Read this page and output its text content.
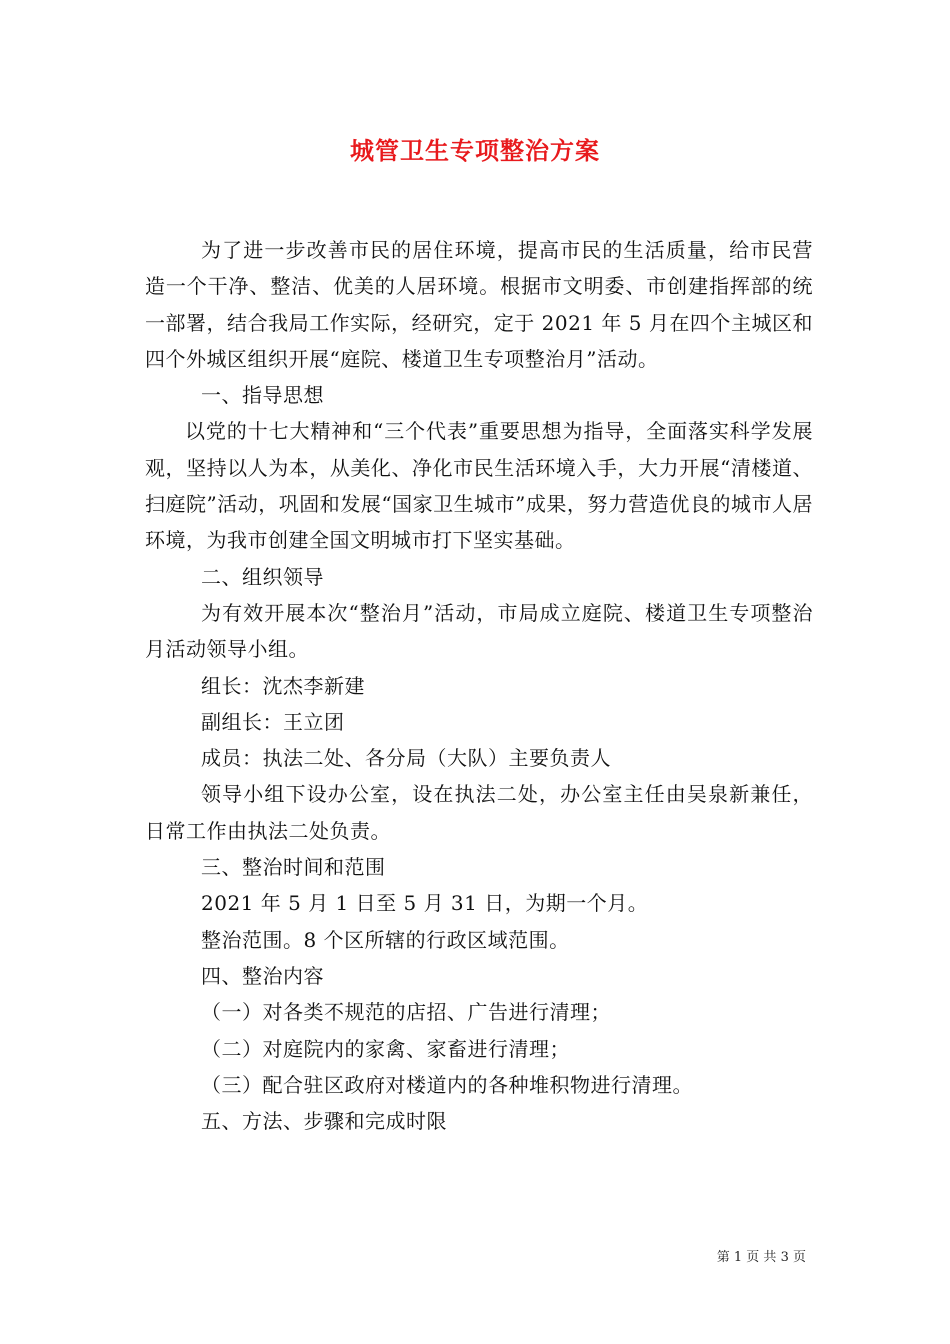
城管卫生专项整治方案

为了进一步改善市民的居住环境，提高市民的生活质量，给市民营造一个干净、整洁、优美的人居环境。根据市文明委、市创建指挥部的统一部署，结合我局工作实际，经研究，定于 2021 年 5 月在四个主城区和四个外城区组织开展“庭院、楼道卫生专项整治月”活动。

一、指导思想

以党的十七大精神和“三个代表”重要思想为指导，全面落实科学发展观，坚持以人为本，从美化、净化市民生活环境入手，大力开展“清楼道、扫庭院”活动，巩固和发展“国家卫生城市”成果，努力营造优良的城市人居环境，为我市创建全国文明城市打下坚实基础。

二、组织领导

为有效开展本次“整治月”活动，市局成立庭院、楼道卫生专项整治月活动领导小组。

组长：沈杰李新建

副组长：王立团

成员：执法二处、各分局（大队）主要负责人

领导小组下设办公室，设在执法二处，办公室主任由吴泉新兼任，日常工作由执法二处负责。

三、整治时间和范围

2021 年 5 月 1 日至 5 月 31 日，为期一个月。

整治范围。8 个区所辖的行政区域范围。

四、整治内容

（一）对各类不规范的店招、广告进行清理；

（二）对庭院内的家禽、家畜进行清理；

（三）配合驻区政府对楼道内的各种堆积物进行清理。

五、方法、步骤和完成时限

第 1 页 共 3 页
